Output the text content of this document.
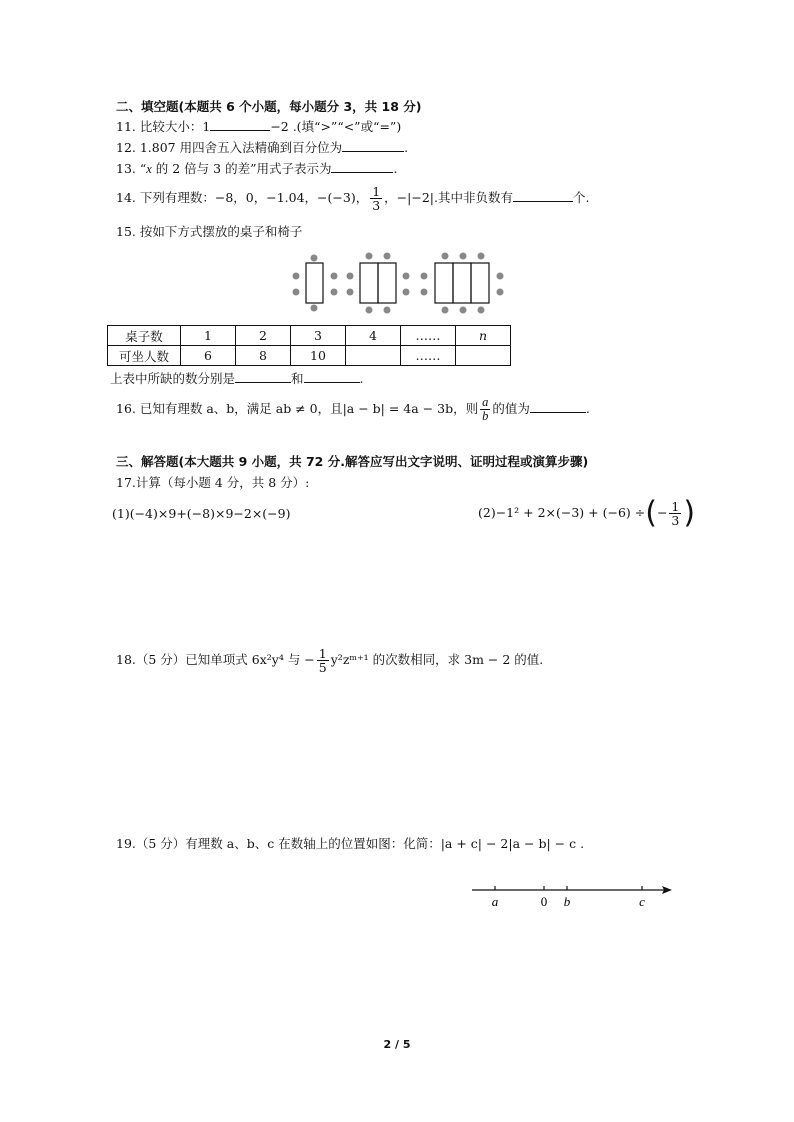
二、填空题(本题共 6 个小题，每小题分 3，共 18 分)
11. 比较大小：1	−2 .(填“>”“<”或“=”)
12. 1.807 用四舍五入法精确到百分位为	.
13. “x 的 2 倍与 3 的差”用式子表示为	.
14. 下列有理数：−8，0，−1.04，−(−3)， $\frac{1}{3}$ ，−|−2|.其中非负数有	个.
15. 按如下方式摆放的桌子和椅子
桌子数	1	2	3	4	……	n
可坐人数	6	8	10		……	
上表中所缺的数分别是	和	.
16. 已知有理数 a、b，满足 ab ≠ 0，且|a − b| = 4a − 3b，则 $\frac{a}{b}$ 的值为	.
三、解答题(本大题共 9 小题，共 72 分.解答应写出文字说明、证明过程或演算步骤)
17.计算（每小题 4 分，共 8 分）:
(1)(−4)×9+(−8)×9−2×(−9)	(2)−1² + 2×(−3) + (−6) ÷(− $\frac{1}{3}$ )
18.（5 分）已知单项式 6x²y⁴ 与 − $\frac{1}{5}$ y²zᵐ⁺¹ 的次数相同，求 3m − 2 的值.
19.（5 分）有理数 a、b、c 在数轴上的位置如图：化简：|a + c| − 2|a − b| − c .
a	0 b	c
2 / 5
